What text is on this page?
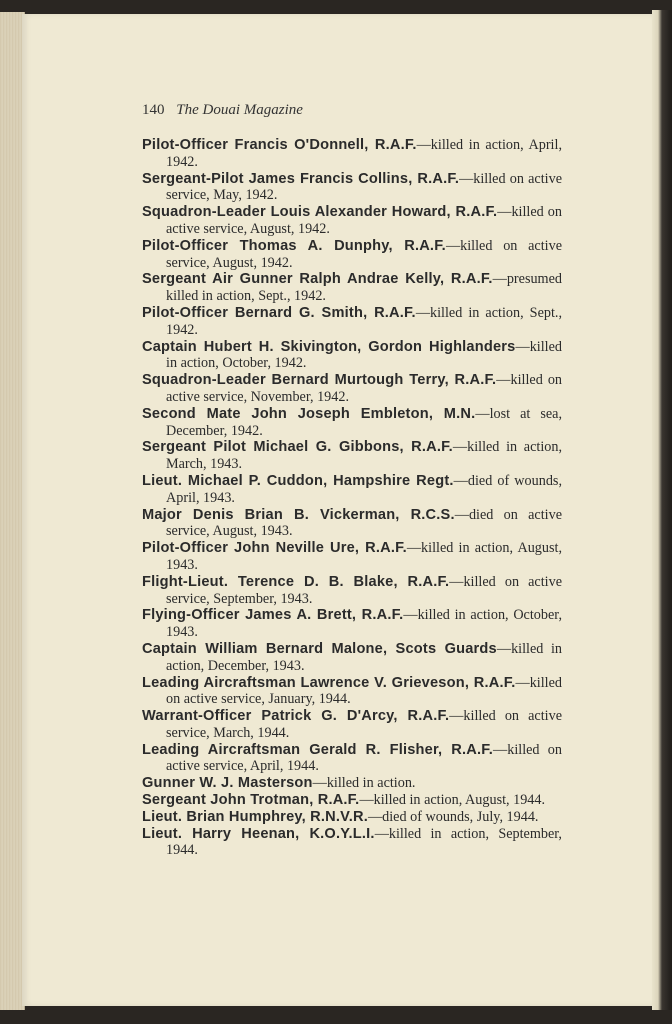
140 The Douai Magazine
Pilot-Officer Francis O'Donnell, R.A.F.—killed in action, April, 1942.
Sergeant-Pilot James Francis Collins, R.A.F.—killed on active service, May, 1942.
Squadron-Leader Louis Alexander Howard, R.A.F.—killed on active service, August, 1942.
Pilot-Officer Thomas A. Dunphy, R.A.F.—killed on active service, August, 1942.
Sergeant Air Gunner Ralph Andrae Kelly, R.A.F.—presumed killed in action, Sept., 1942.
Pilot-Officer Bernard G. Smith, R.A.F.—killed in action, Sept., 1942.
Captain Hubert H. Skivington, Gordon Highlanders—killed in action, October, 1942.
Squadron-Leader Bernard Murtough Terry, R.A.F.—killed on active service, November, 1942.
Second Mate John Joseph Embleton, M.N.—lost at sea, December, 1942.
Sergeant Pilot Michael G. Gibbons, R.A.F.—killed in action, March, 1943.
Lieut. Michael P. Cuddon, Hampshire Regt.—died of wounds, April, 1943.
Major Denis Brian B. Vickerman, R.C.S.—died on active service, August, 1943.
Pilot-Officer John Neville Ure, R.A.F.—killed in action, August, 1943.
Flight-Lieut. Terence D. B. Blake, R.A.F.—killed on active service, September, 1943.
Flying-Officer James A. Brett, R.A.F.—killed in action, October, 1943.
Captain William Bernard Malone, Scots Guards—killed in action, December, 1943.
Leading Aircraftsman Lawrence V. Grieveson, R.A.F.—killed on active service, January, 1944.
Warrant-Officer Patrick G. D'Arcy, R.A.F.—killed on active service, March, 1944.
Leading Aircraftsman Gerald R. Flisher, R.A.F.—killed on active service, April, 1944.
Gunner W. J. Masterson—killed in action.
Sergeant John Trotman, R.A.F.—killed in action, August, 1944.
Lieut. Brian Humphrey, R.N.V.R.—died of wounds, July, 1944.
Lieut. Harry Heenan, K.O.Y.L.I.—killed in action, September, 1944.
